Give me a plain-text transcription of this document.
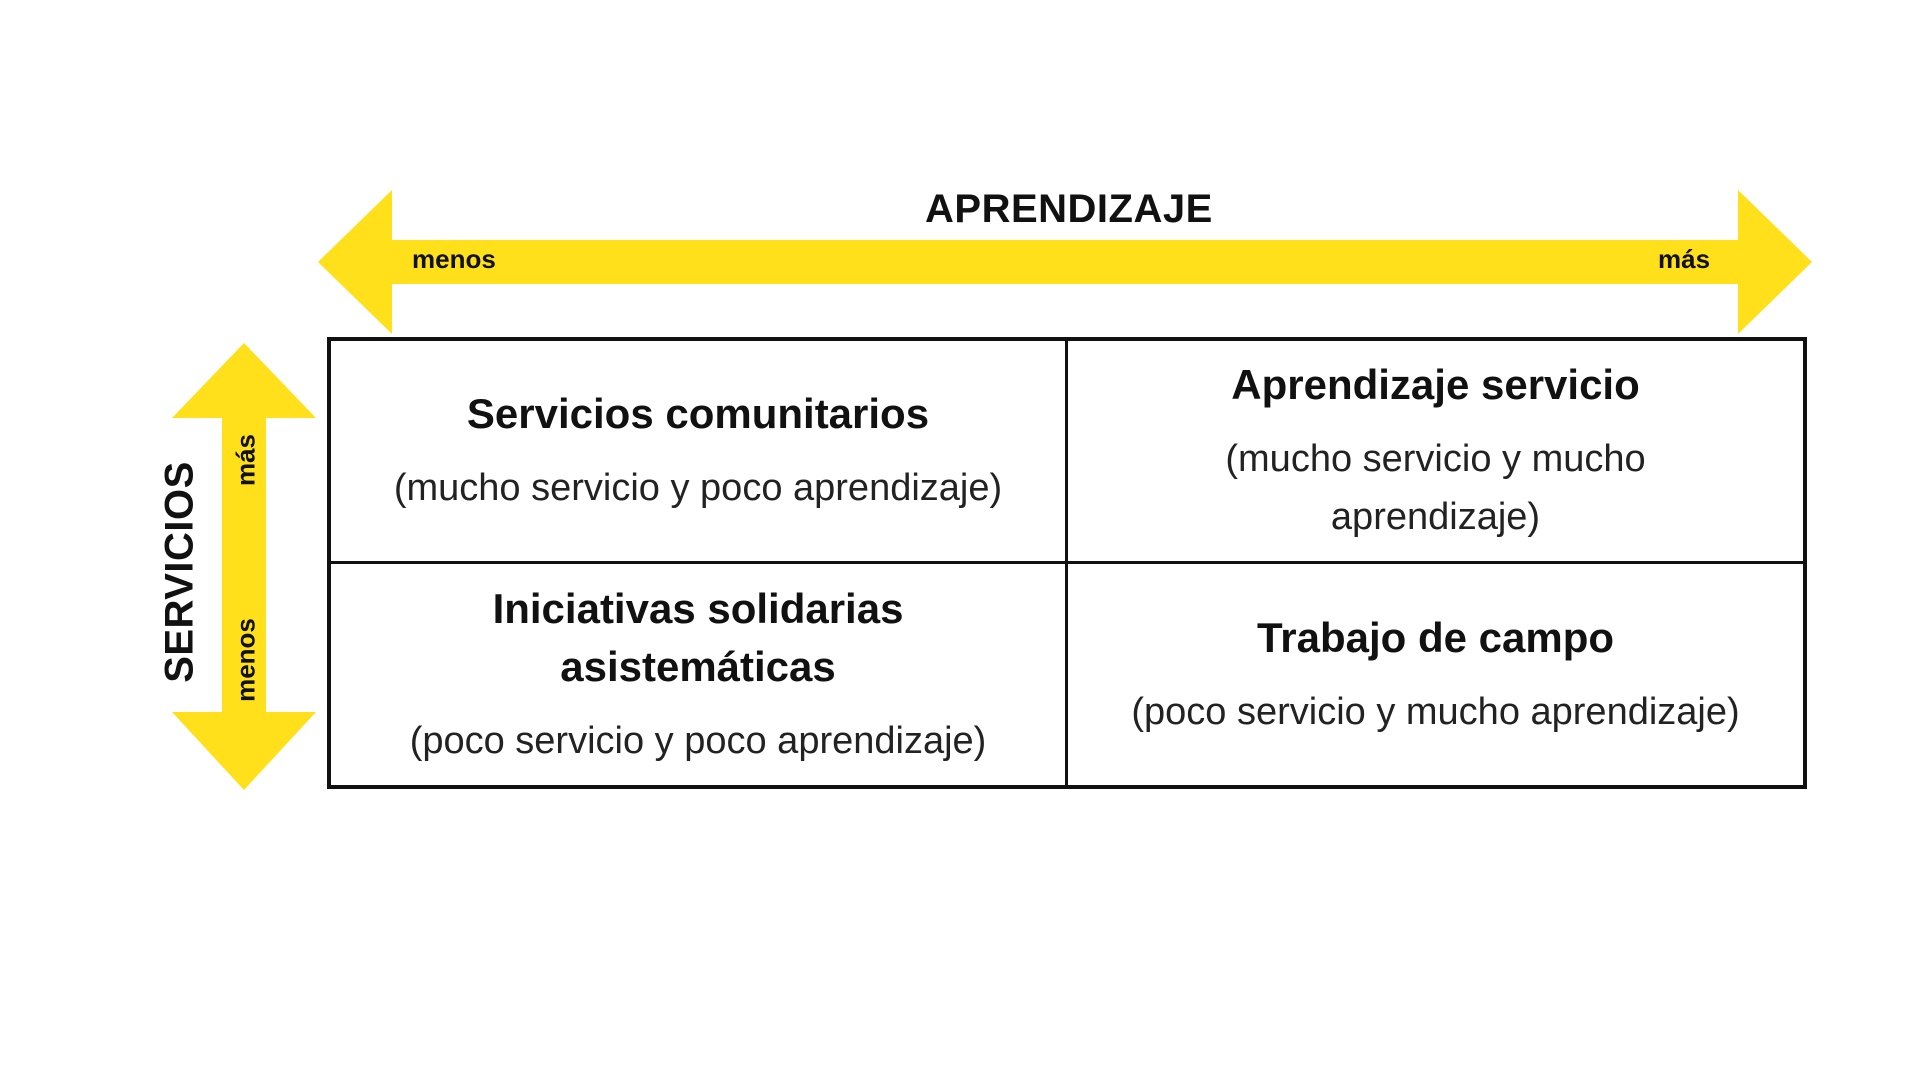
APRENDIZAJE
menos	más
SERVICIOS
más
menos
Servicios comunitarios
(mucho servicio y poco aprendizaje)
Aprendizaje servicio
(mucho servicio y mucho aprendizaje)
Iniciativas solidarias asistemáticas
(poco servicio y poco aprendizaje)
Trabajo de campo
(poco servicio y mucho aprendizaje)
